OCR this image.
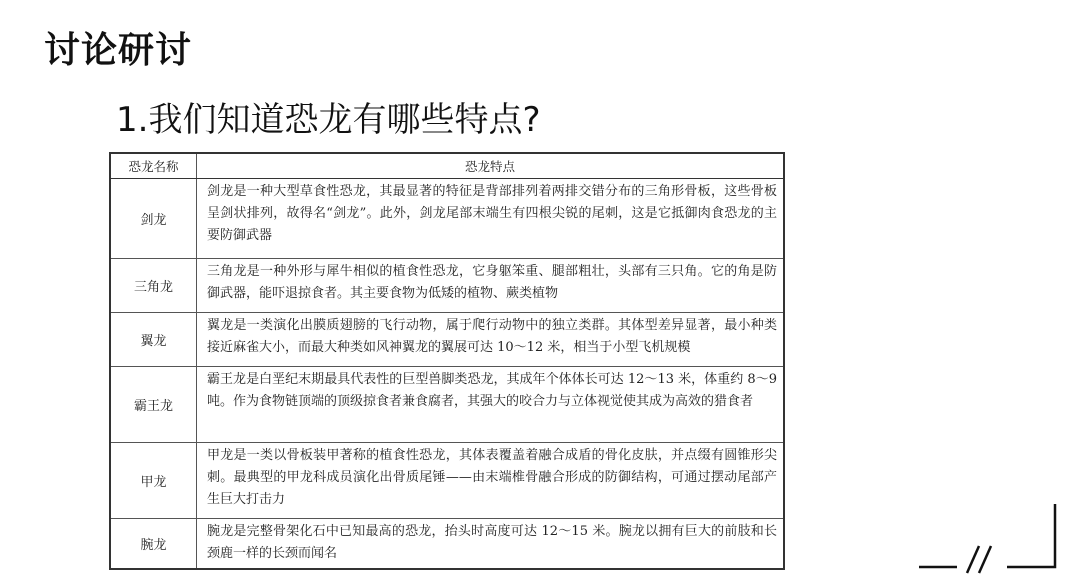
讨论研讨
1.我们知道恐龙有哪些特点?
恐龙名称	恐龙特点
剑龙	剑龙是一种大型草食性恐龙，其最显著的特征是背部排列着两排交错分布的三角形骨板，这些骨板呈剑状排列，故得名“剑龙”。此外，剑龙尾部末端生有四根尖锐的尾刺，这是它抵御肉食恐龙的主要防御武器
三角龙	三角龙是一种外形与犀牛相似的植食性恐龙，它身躯笨重、腿部粗壮，头部有三只角。它的角是防御武器，能吓退掠食者。其主要食物为低矮的植物、蕨类植物
翼龙	翼龙是一类演化出膜质翅膀的飞行动物，属于爬行动物中的独立类群。其体型差异显著，最小种类接近麻雀大小，而最大种类如风神翼龙的翼展可达 10～12 米，相当于小型飞机规模
霸王龙	霸王龙是白垩纪末期最具代表性的巨型兽脚类恐龙，其成年个体体长可达 12～13 米，体重约 8～9 吨。作为食物链顶端的顶级掠食者兼食腐者，其强大的咬合力与立体视觉使其成为高效的猎食者
甲龙	甲龙是一类以骨板装甲著称的植食性恐龙，其体表覆盖着融合成盾的骨化皮肤，并点缀有圆锥形尖刺。最典型的甲龙科成员演化出骨质尾锤——由末端椎骨融合形成的防御结构，可通过摆动尾部产生巨大打击力
腕龙	腕龙是完整骨架化石中已知最高的恐龙，抬头时高度可达 12～15 米。腕龙以拥有巨大的前肢和长颈鹿一样的长颈而闻名
